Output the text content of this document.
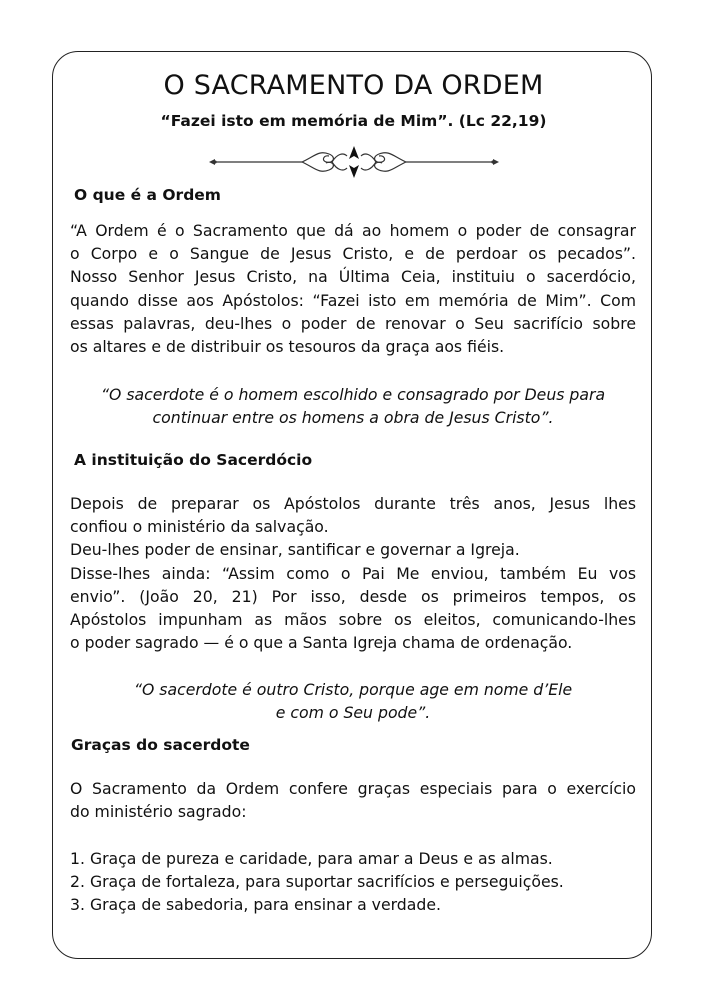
O SACRAMENTO DA ORDEM

“Fazei isto em memória de Mim”. (Lc 22,19)

O que é a Ordem

“A Ordem é o Sacramento que dá ao homem o poder de consagrar
o Corpo e o Sangue de Jesus Cristo, e de perdoar os pecados”.
Nosso Senhor Jesus Cristo, na Última Ceia, instituiu o sacerdócio,
quando disse aos Apóstolos: “Fazei isto em memória de Mim”. Com
essas palavras, deu-lhes o poder de renovar o Seu sacrifício sobre
os altares e de distribuir os tesouros da graça aos fiéis.

“O sacerdote é o homem escolhido e consagrado por Deus para
continuar entre os homens a obra de Jesus Cristo”.

A instituição do Sacerdócio

Depois de preparar os Apóstolos durante três anos, Jesus lhes
confiou o ministério da salvação.
Deu-lhes poder de ensinar, santificar e governar a Igreja.
Disse-lhes ainda: “Assim como o Pai Me enviou, também Eu vos
envio”. (João 20, 21) Por isso, desde os primeiros tempos, os
Apóstolos impunham as mãos sobre os eleitos, comunicando-lhes
o poder sagrado — é o que a Santa Igreja chama de ordenação.

“O sacerdote é outro Cristo, porque age em nome d’Ele
e com o Seu pode”.

Graças do sacerdote

O Sacramento da Ordem confere graças especiais para o exercício
do ministério sagrado:

1. Graça de pureza e caridade, para amar a Deus e as almas.
2. Graça de fortaleza, para suportar sacrifícios e perseguições.
3. Graça de sabedoria, para ensinar a verdade.
